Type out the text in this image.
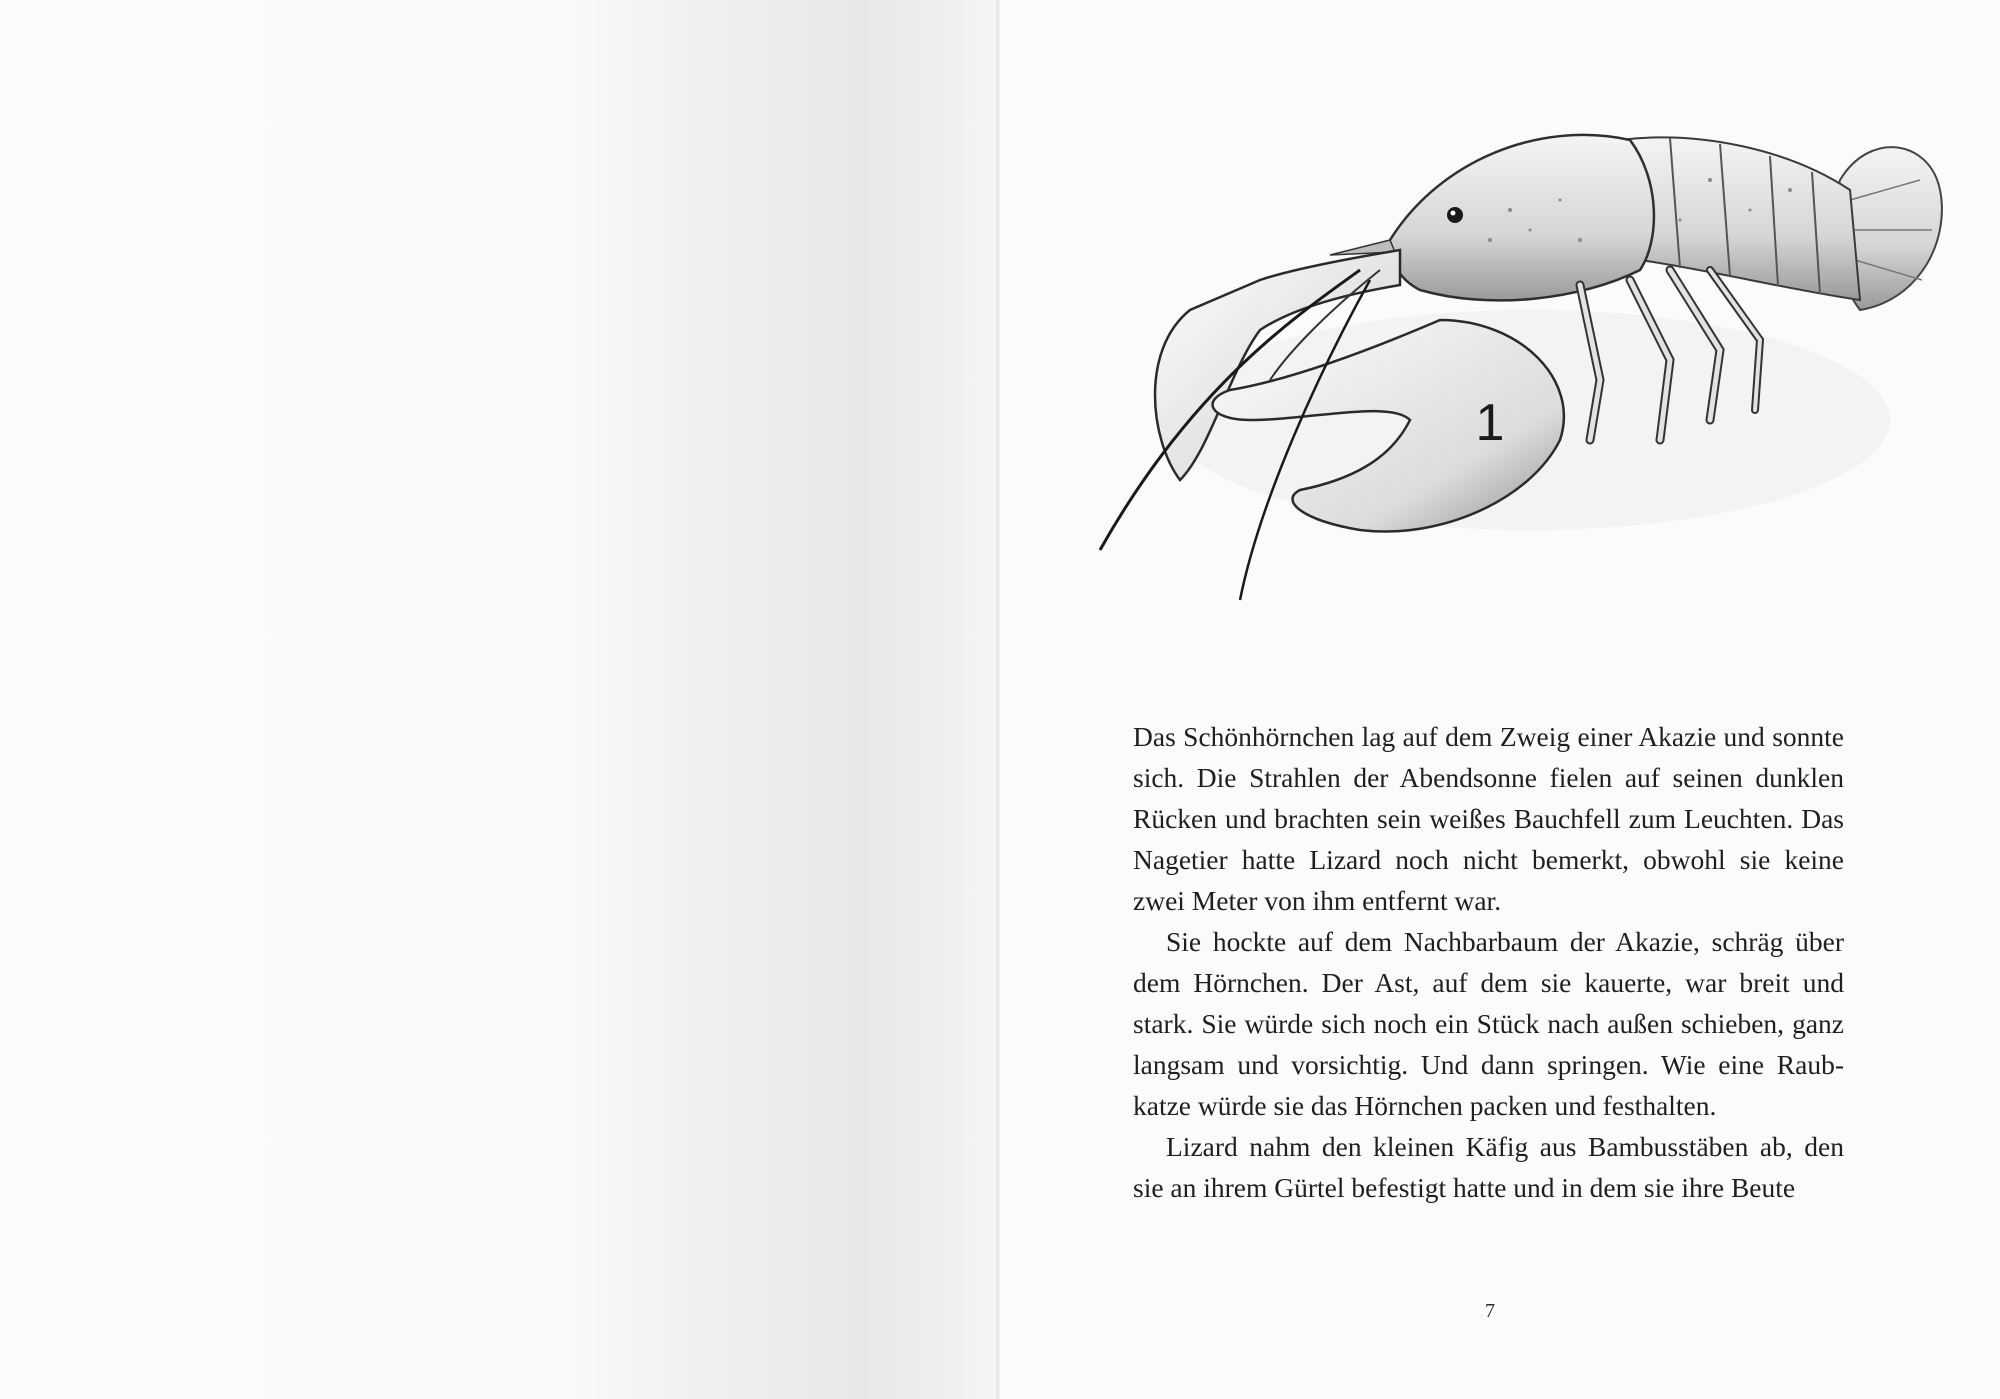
1

Das Schönhörnchen lag auf dem Zweig einer Akazie und sonnte sich. Die Strahlen der Abendsonne fielen auf seinen dunklen Rücken und brachten sein weißes Bauchfell zum Leuchten. Das Nagetier hatte Lizard noch nicht bemerkt, obwohl sie keine zwei Meter von ihm entfernt war.

Sie hockte auf dem Nachbarbaum der Akazie, schräg über dem Hörnchen. Der Ast, auf dem sie kauerte, war breit und stark. Sie würde sich noch ein Stück nach außen schieben, ganz langsam und vorsichtig. Und dann springen. Wie eine Raubkatze würde sie das Hörnchen packen und festhalten.

Lizard nahm den kleinen Käfig aus Bambusstäben ab, den sie an ihrem Gürtel befestigt hatte und in dem sie ihre Beute

7
